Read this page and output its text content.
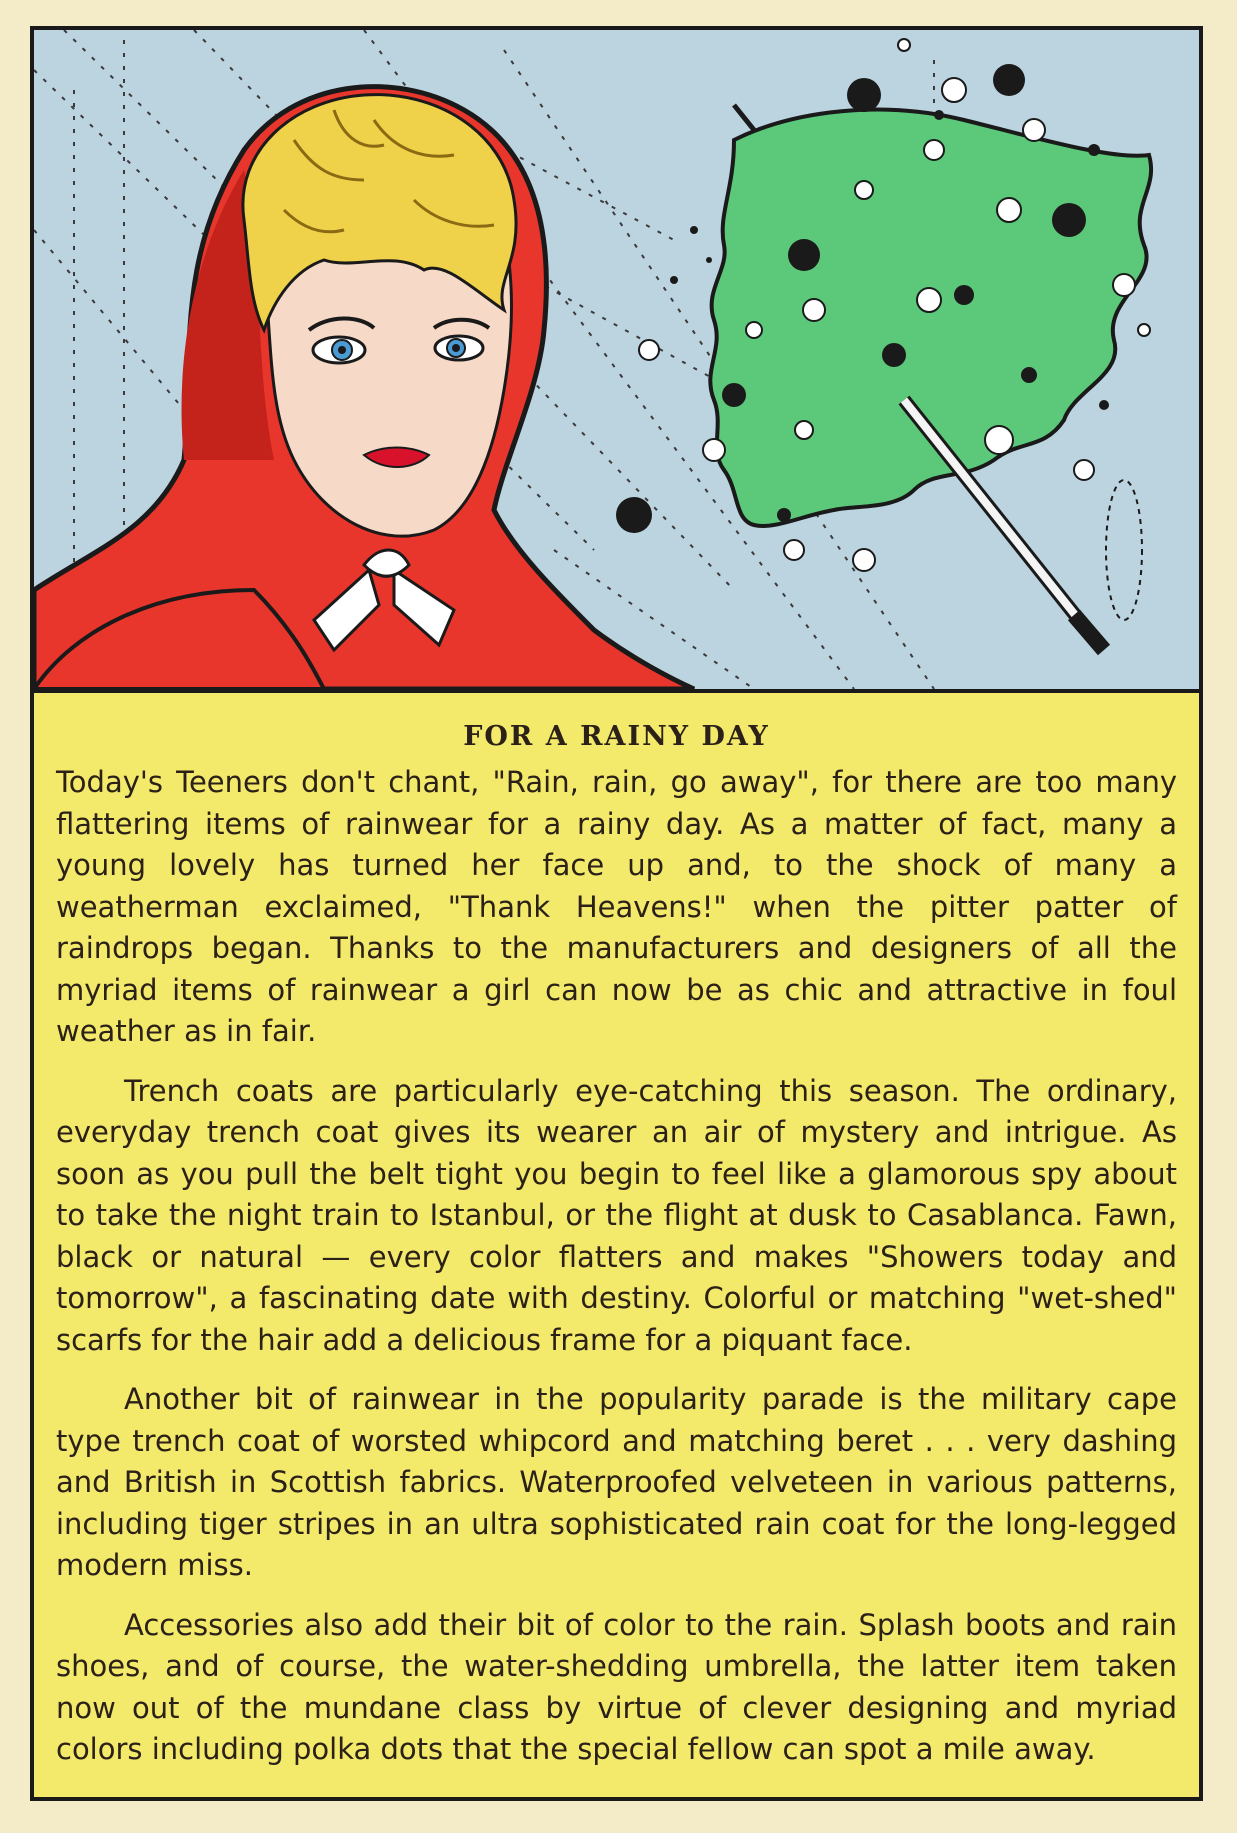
FOR A RAINY DAY

Today's Teeners don't chant, "Rain, rain, go away", for there are too many flattering items of rainwear for a rainy day. As a matter of fact, many a young lovely has turned her face up and, to the shock of many a weatherman exclaimed, "Thank Heavens!" when the pitter patter of raindrops began. Thanks to the manufacturers and designers of all the myriad items of rainwear a girl can now be as chic and attractive in foul weather as in fair.

Trench coats are particularly eye-catching this season. The ordinary, everyday trench coat gives its wearer an air of mystery and intrigue. As soon as you pull the belt tight you begin to feel like a glamorous spy about to take the night train to Istanbul, or the flight at dusk to Casablanca. Fawn, black or natural — every color flatters and makes "Showers today and tomorrow", a fascinating date with destiny. Colorful or matching "wet-shed" scarfs for the hair add a delicious frame for a piquant face.

Another bit of rainwear in the popularity parade is the military cape type trench coat of worsted whipcord and matching beret . . . very dashing and British in Scottish fabrics. Waterproofed velveteen in various patterns, including tiger stripes in an ultra sophisticated rain coat for the long-legged modern miss.

Accessories also add their bit of color to the rain. Splash boots and rain shoes, and of course, the water-shedding umbrella, the latter item taken now out of the mundane class by virtue of clever designing and myriad colors including polka dots that the special fellow can spot a mile away.
